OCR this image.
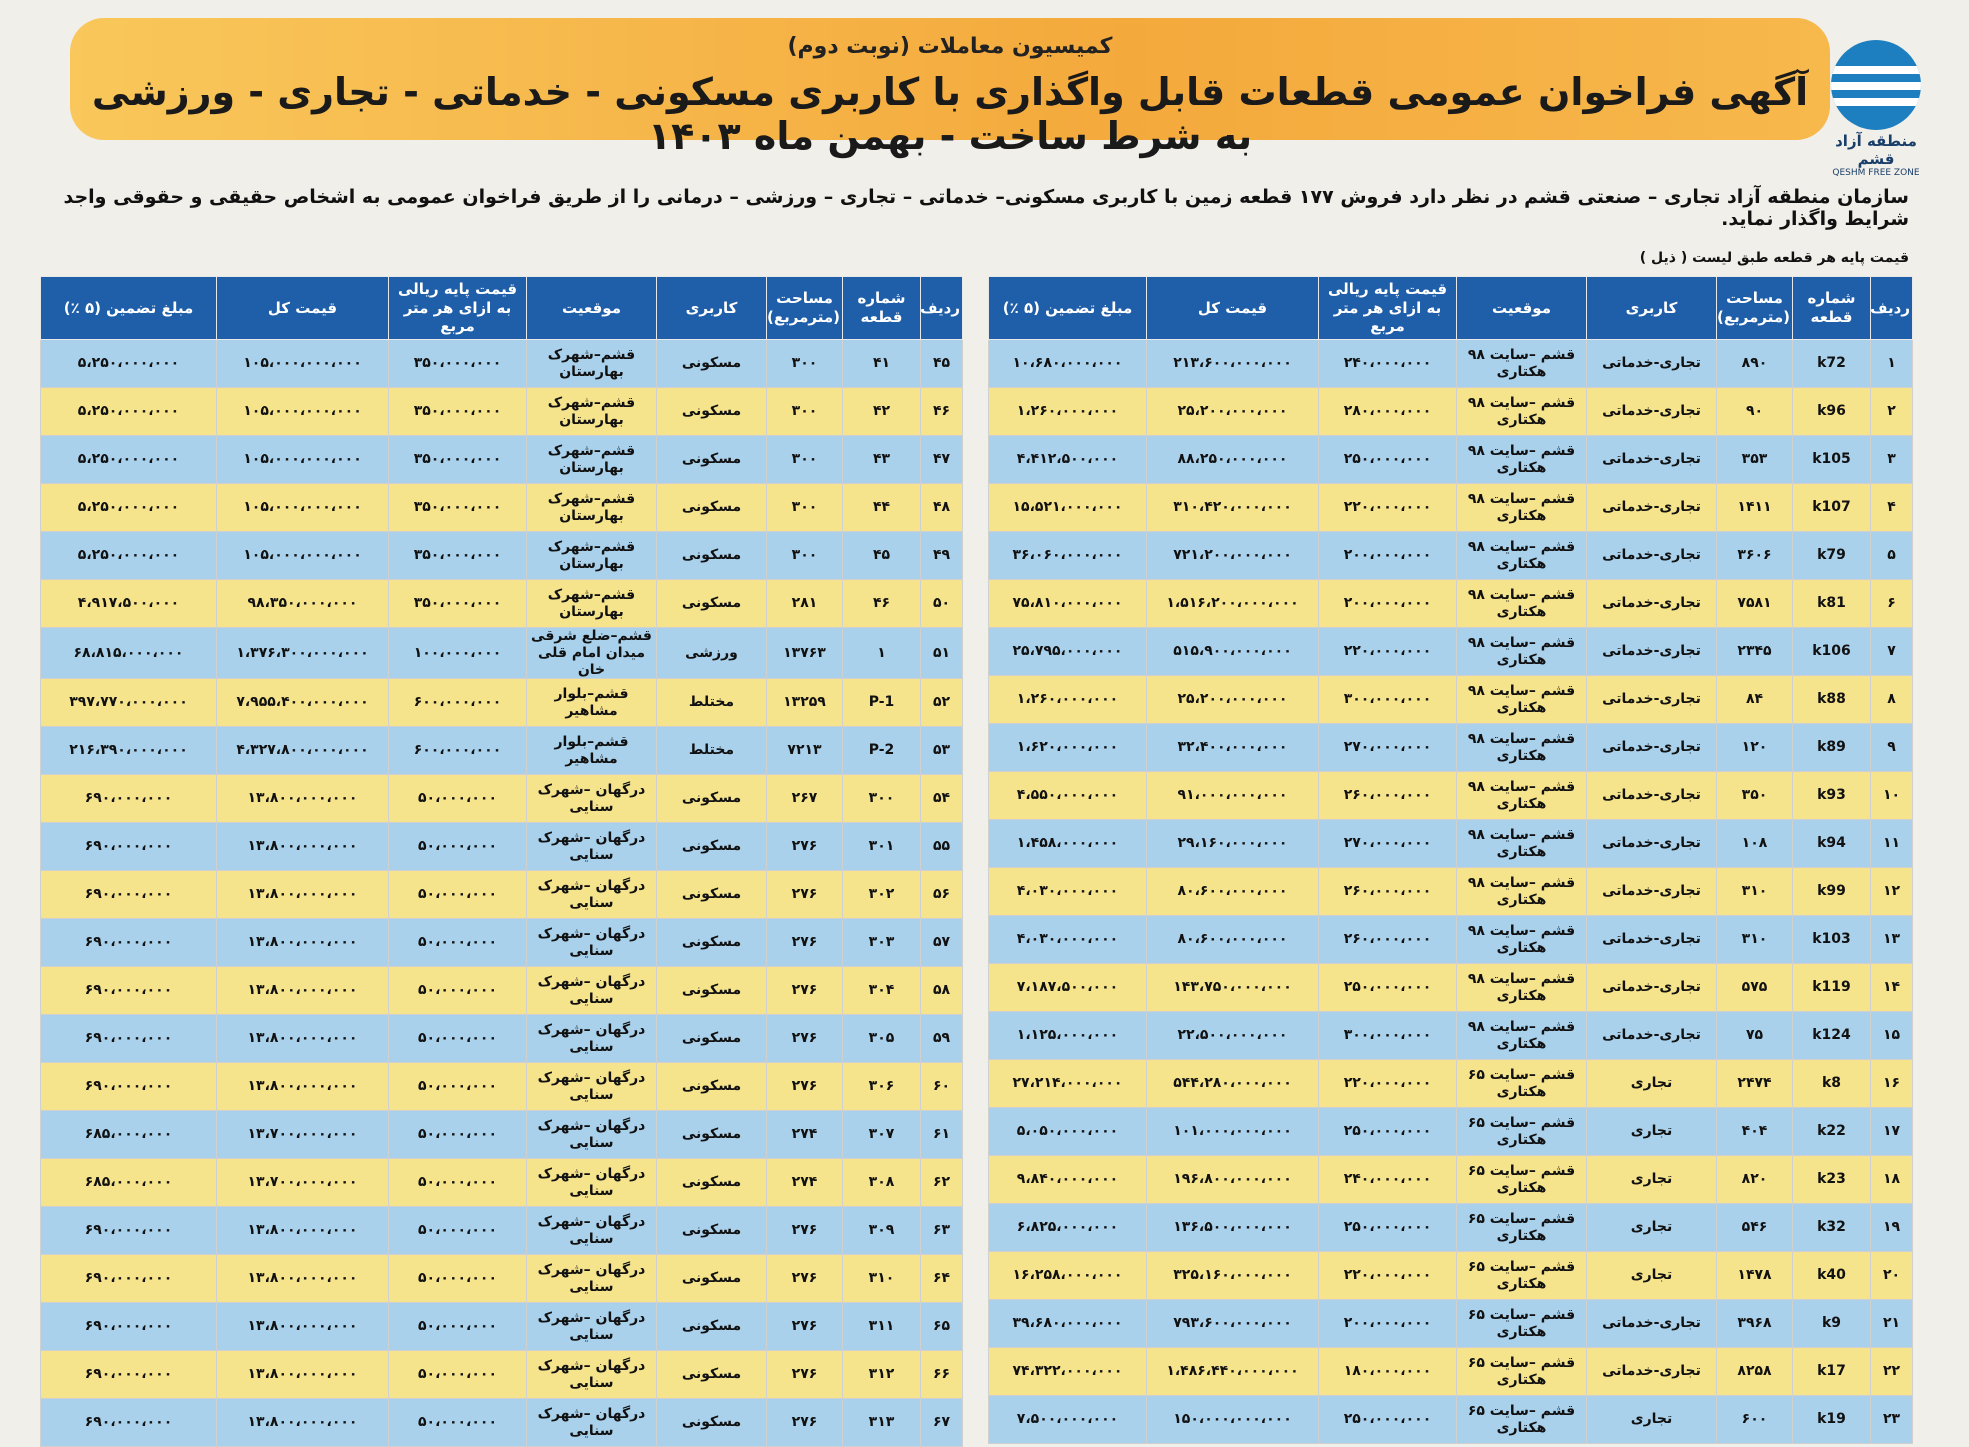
کمیسیون معاملات (نوبت دوم)
آگهی فراخوان عمومی قطعات قابل واگذاری با کاربری مسکونی - خدماتی - تجاری - ورزشی به شرط ساخت - بهمن ماه ۱۴۰۳	منطقه آزاد قشم
QESHM FREE ZONE
سازمان منطقه آزاد تجاری – صنعتی قشم در نظر دارد فروش ۱۷۷ قطعه زمین با کاربری مسکونی– خدماتی – تجاری – ورزشی – درمانی را از طریق فراخوان عمومی به اشخاص حقیقی و حقوقی واجد شرایط واگذار نماید.
قیمت پایه هر قطعه طبق لیست ( ذیل )
ردیف	شماره قطعه	مساحت (مترمربع)	کاربری	موقعیت	قیمت پایه ریالی به ازای هر متر مربع	قیمت کل	مبلغ تضمین (۵ ٪)
۱	k72	۸۹۰	تجاری-خدماتی	قشم –سایت ۹۸ هکتاری	۲۴۰،۰۰۰،۰۰۰	۲۱۳،۶۰۰،۰۰۰،۰۰۰	۱۰،۶۸۰،۰۰۰،۰۰۰
۲	k96	۹۰	تجاری-خدماتی	قشم –سایت ۹۸ هکتاری	۲۸۰،۰۰۰،۰۰۰	۲۵،۲۰۰،۰۰۰،۰۰۰	۱،۲۶۰،۰۰۰،۰۰۰
۳	k105	۳۵۳	تجاری-خدماتی	قشم –سایت ۹۸ هکتاری	۲۵۰،۰۰۰،۰۰۰	۸۸،۲۵۰،۰۰۰،۰۰۰	۴،۴۱۲،۵۰۰،۰۰۰
۴	k107	۱۴۱۱	تجاری-خدماتی	قشم –سایت ۹۸ هکتاری	۲۲۰،۰۰۰،۰۰۰	۳۱۰،۴۲۰،۰۰۰،۰۰۰	۱۵،۵۲۱،۰۰۰،۰۰۰
۵	k79	۳۶۰۶	تجاری-خدماتی	قشم –سایت ۹۸ هکتاری	۲۰۰،۰۰۰،۰۰۰	۷۲۱،۲۰۰،۰۰۰،۰۰۰	۳۶،۰۶۰،۰۰۰،۰۰۰
۶	k81	۷۵۸۱	تجاری-خدماتی	قشم –سایت ۹۸ هکتاری	۲۰۰،۰۰۰،۰۰۰	۱،۵۱۶،۲۰۰،۰۰۰،۰۰۰	۷۵،۸۱۰،۰۰۰،۰۰۰
۷	k106	۲۳۴۵	تجاری-خدماتی	قشم –سایت ۹۸ هکتاری	۲۲۰،۰۰۰،۰۰۰	۵۱۵،۹۰۰،۰۰۰،۰۰۰	۲۵،۷۹۵،۰۰۰،۰۰۰
۸	k88	۸۴	تجاری-خدماتی	قشم –سایت ۹۸ هکتاری	۳۰۰،۰۰۰،۰۰۰	۲۵،۲۰۰،۰۰۰،۰۰۰	۱،۲۶۰،۰۰۰،۰۰۰
۹	k89	۱۲۰	تجاری-خدماتی	قشم –سایت ۹۸ هکتاری	۲۷۰،۰۰۰،۰۰۰	۳۲،۴۰۰،۰۰۰،۰۰۰	۱،۶۲۰،۰۰۰،۰۰۰
۱۰	k93	۳۵۰	تجاری-خدماتی	قشم –سایت ۹۸ هکتاری	۲۶۰،۰۰۰،۰۰۰	۹۱،۰۰۰،۰۰۰،۰۰۰	۴،۵۵۰،۰۰۰،۰۰۰
۱۱	k94	۱۰۸	تجاری-خدماتی	قشم –سایت ۹۸ هکتاری	۲۷۰،۰۰۰،۰۰۰	۲۹،۱۶۰،۰۰۰،۰۰۰	۱،۴۵۸،۰۰۰،۰۰۰
۱۲	k99	۳۱۰	تجاری-خدماتی	قشم –سایت ۹۸ هکتاری	۲۶۰،۰۰۰،۰۰۰	۸۰،۶۰۰،۰۰۰،۰۰۰	۴،۰۳۰،۰۰۰،۰۰۰
۱۳	k103	۳۱۰	تجاری-خدماتی	قشم –سایت ۹۸ هکتاری	۲۶۰،۰۰۰،۰۰۰	۸۰،۶۰۰،۰۰۰،۰۰۰	۴،۰۳۰،۰۰۰،۰۰۰
۱۴	k119	۵۷۵	تجاری-خدماتی	قشم –سایت ۹۸ هکتاری	۲۵۰،۰۰۰،۰۰۰	۱۴۳،۷۵۰،۰۰۰،۰۰۰	۷،۱۸۷،۵۰۰،۰۰۰
۱۵	k124	۷۵	تجاری-خدماتی	قشم –سایت ۹۸ هکتاری	۳۰۰،۰۰۰،۰۰۰	۲۲،۵۰۰،۰۰۰،۰۰۰	۱،۱۲۵،۰۰۰،۰۰۰
۱۶	k8	۲۴۷۴	تجاری	قشم –سایت ۶۵ هکتاری	۲۲۰،۰۰۰،۰۰۰	۵۴۴،۲۸۰،۰۰۰،۰۰۰	۲۷،۲۱۴،۰۰۰،۰۰۰
۱۷	k22	۴۰۴	تجاری	قشم –سایت ۶۵ هکتاری	۲۵۰،۰۰۰،۰۰۰	۱۰۱،۰۰۰،۰۰۰،۰۰۰	۵،۰۵۰،۰۰۰،۰۰۰
۱۸	k23	۸۲۰	تجاری	قشم –سایت ۶۵ هکتاری	۲۴۰،۰۰۰،۰۰۰	۱۹۶،۸۰۰،۰۰۰،۰۰۰	۹،۸۴۰،۰۰۰،۰۰۰
۱۹	k32	۵۴۶	تجاری	قشم –سایت ۶۵ هکتاری	۲۵۰،۰۰۰،۰۰۰	۱۳۶،۵۰۰،۰۰۰،۰۰۰	۶،۸۲۵،۰۰۰،۰۰۰
۲۰	k40	۱۴۷۸	تجاری	قشم –سایت ۶۵ هکتاری	۲۲۰،۰۰۰،۰۰۰	۳۲۵،۱۶۰،۰۰۰،۰۰۰	۱۶،۲۵۸،۰۰۰،۰۰۰
۲۱	k9	۳۹۶۸	تجاری-خدماتی	قشم –سایت ۶۵ هکتاری	۲۰۰،۰۰۰،۰۰۰	۷۹۳،۶۰۰،۰۰۰،۰۰۰	۳۹،۶۸۰،۰۰۰،۰۰۰
۲۲	k17	۸۲۵۸	تجاری-خدماتی	قشم –سایت ۶۵ هکتاری	۱۸۰،۰۰۰،۰۰۰	۱،۴۸۶،۴۴۰،۰۰۰،۰۰۰	۷۴،۳۲۲،۰۰۰،۰۰۰
۲۳	k19	۶۰۰	تجاری	قشم –سایت ۶۵ هکتاری	۲۵۰،۰۰۰،۰۰۰	۱۵۰،۰۰۰،۰۰۰،۰۰۰	۷،۵۰۰،۰۰۰،۰۰۰
ردیف	شماره قطعه	مساحت (مترمربع)	کاربری	موقعیت	قیمت پایه ریالی به ازای هر متر مربع	قیمت کل	مبلغ تضمین (۵ ٪)
۴۵	۴۱	۳۰۰	مسکونی	قشم–شهرک بهارستان	۳۵۰،۰۰۰،۰۰۰	۱۰۵،۰۰۰،۰۰۰،۰۰۰	۵،۲۵۰،۰۰۰،۰۰۰
۴۶	۴۲	۳۰۰	مسکونی	قشم–شهرک بهارستان	۳۵۰،۰۰۰،۰۰۰	۱۰۵،۰۰۰،۰۰۰،۰۰۰	۵،۲۵۰،۰۰۰،۰۰۰
۴۷	۴۳	۳۰۰	مسکونی	قشم–شهرک بهارستان	۳۵۰،۰۰۰،۰۰۰	۱۰۵،۰۰۰،۰۰۰،۰۰۰	۵،۲۵۰،۰۰۰،۰۰۰
۴۸	۴۴	۳۰۰	مسکونی	قشم–شهرک بهارستان	۳۵۰،۰۰۰،۰۰۰	۱۰۵،۰۰۰،۰۰۰،۰۰۰	۵،۲۵۰،۰۰۰،۰۰۰
۴۹	۴۵	۳۰۰	مسکونی	قشم–شهرک بهارستان	۳۵۰،۰۰۰،۰۰۰	۱۰۵،۰۰۰،۰۰۰،۰۰۰	۵،۲۵۰،۰۰۰،۰۰۰
۵۰	۴۶	۲۸۱	مسکونی	قشم–شهرک بهارستان	۳۵۰،۰۰۰،۰۰۰	۹۸،۳۵۰،۰۰۰،۰۰۰	۴،۹۱۷،۵۰۰،۰۰۰
۵۱	۱	۱۳۷۶۳	ورزشی	قشم–ضلع شرقی میدان امام قلی خان	۱۰۰،۰۰۰،۰۰۰	۱،۳۷۶،۳۰۰،۰۰۰،۰۰۰	۶۸،۸۱۵،۰۰۰،۰۰۰
۵۲	P-1	۱۳۲۵۹	مختلط	قشم–بلوار مشاهیر	۶۰۰،۰۰۰،۰۰۰	۷،۹۵۵،۴۰۰،۰۰۰،۰۰۰	۳۹۷،۷۷۰،۰۰۰،۰۰۰
۵۳	P-2	۷۲۱۳	مختلط	قشم–بلوار مشاهیر	۶۰۰،۰۰۰،۰۰۰	۴،۳۲۷،۸۰۰،۰۰۰،۰۰۰	۲۱۶،۳۹۰،۰۰۰،۰۰۰
۵۴	۳۰۰	۲۶۷	مسکونی	درگهان –شهرک سنایی	۵۰،۰۰۰،۰۰۰	۱۳،۸۰۰،۰۰۰،۰۰۰	۶۹۰،۰۰۰،۰۰۰
۵۵	۳۰۱	۲۷۶	مسکونی	درگهان –شهرک سنایی	۵۰،۰۰۰،۰۰۰	۱۳،۸۰۰،۰۰۰،۰۰۰	۶۹۰،۰۰۰،۰۰۰
۵۶	۳۰۲	۲۷۶	مسکونی	درگهان –شهرک سنایی	۵۰،۰۰۰،۰۰۰	۱۳،۸۰۰،۰۰۰،۰۰۰	۶۹۰،۰۰۰،۰۰۰
۵۷	۳۰۳	۲۷۶	مسکونی	درگهان –شهرک سنایی	۵۰،۰۰۰،۰۰۰	۱۳،۸۰۰،۰۰۰،۰۰۰	۶۹۰،۰۰۰،۰۰۰
۵۸	۳۰۴	۲۷۶	مسکونی	درگهان –شهرک سنایی	۵۰،۰۰۰،۰۰۰	۱۳،۸۰۰،۰۰۰،۰۰۰	۶۹۰،۰۰۰،۰۰۰
۵۹	۳۰۵	۲۷۶	مسکونی	درگهان –شهرک سنایی	۵۰،۰۰۰،۰۰۰	۱۳،۸۰۰،۰۰۰،۰۰۰	۶۹۰،۰۰۰،۰۰۰
۶۰	۳۰۶	۲۷۶	مسکونی	درگهان –شهرک سنایی	۵۰،۰۰۰،۰۰۰	۱۳،۸۰۰،۰۰۰،۰۰۰	۶۹۰،۰۰۰،۰۰۰
۶۱	۳۰۷	۲۷۴	مسکونی	درگهان –شهرک سنایی	۵۰،۰۰۰،۰۰۰	۱۳،۷۰۰،۰۰۰،۰۰۰	۶۸۵،۰۰۰،۰۰۰
۶۲	۳۰۸	۲۷۴	مسکونی	درگهان –شهرک سنایی	۵۰،۰۰۰،۰۰۰	۱۳،۷۰۰،۰۰۰،۰۰۰	۶۸۵،۰۰۰،۰۰۰
۶۳	۳۰۹	۲۷۶	مسکونی	درگهان –شهرک سنایی	۵۰،۰۰۰،۰۰۰	۱۳،۸۰۰،۰۰۰،۰۰۰	۶۹۰،۰۰۰،۰۰۰
۶۴	۳۱۰	۲۷۶	مسکونی	درگهان –شهرک سنایی	۵۰،۰۰۰،۰۰۰	۱۳،۸۰۰،۰۰۰،۰۰۰	۶۹۰،۰۰۰،۰۰۰
۶۵	۳۱۱	۲۷۶	مسکونی	درگهان –شهرک سنایی	۵۰،۰۰۰،۰۰۰	۱۳،۸۰۰،۰۰۰،۰۰۰	۶۹۰،۰۰۰،۰۰۰
۶۶	۳۱۲	۲۷۶	مسکونی	درگهان –شهرک سنایی	۵۰،۰۰۰،۰۰۰	۱۳،۸۰۰،۰۰۰،۰۰۰	۶۹۰،۰۰۰،۰۰۰
۶۷	۳۱۳	۲۷۶	مسکونی	درگهان –شهرک سنایی	۵۰،۰۰۰،۰۰۰	۱۳،۸۰۰،۰۰۰،۰۰۰	۶۹۰،۰۰۰،۰۰۰
